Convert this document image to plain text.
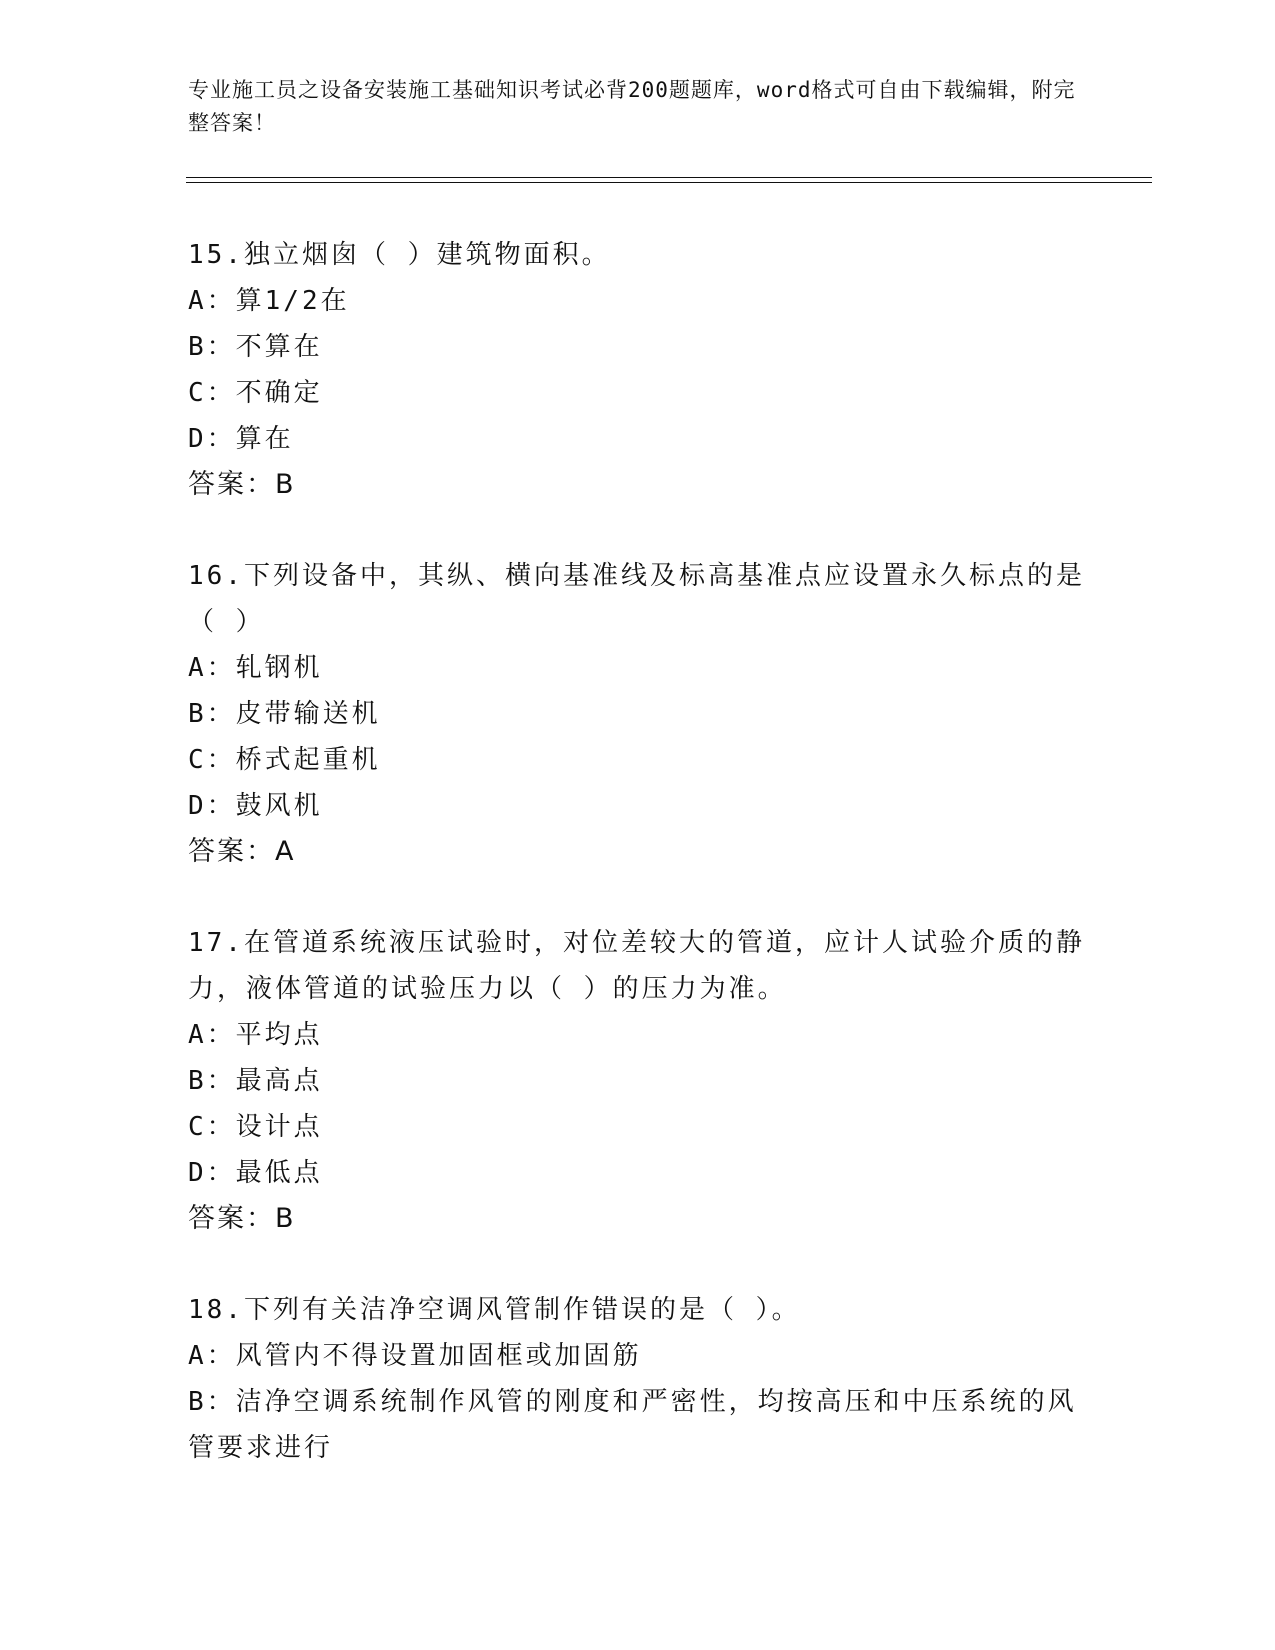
专业施工员之设备安装施工基础知识考试必背200题题库，word格式可自由下载编辑，附完整答案！

15.独立烟囱（ ）建筑物面积。

A：算1/2在

B：不算在

C：不确定

D：算在

答案：B

16.下列设备中，其纵、横向基准线及标高基准点应设置永久标点的是（ ）

A：轧钢机

B：皮带输送机

C：桥式起重机

D：鼓风机

答案：A

17.在管道系统液压试验时，对位差较大的管道，应计人试验介质的静力，液体管道的试验压力以（ ）的压力为准。

A：平均点

B：最高点

C：设计点

D：最低点

答案：B

18.下列有关洁净空调风管制作错误的是（ ）。

A：风管内不得设置加固框或加固筋

B：洁净空调系统制作风管的刚度和严密性，均按高压和中压系统的风管要求进行
